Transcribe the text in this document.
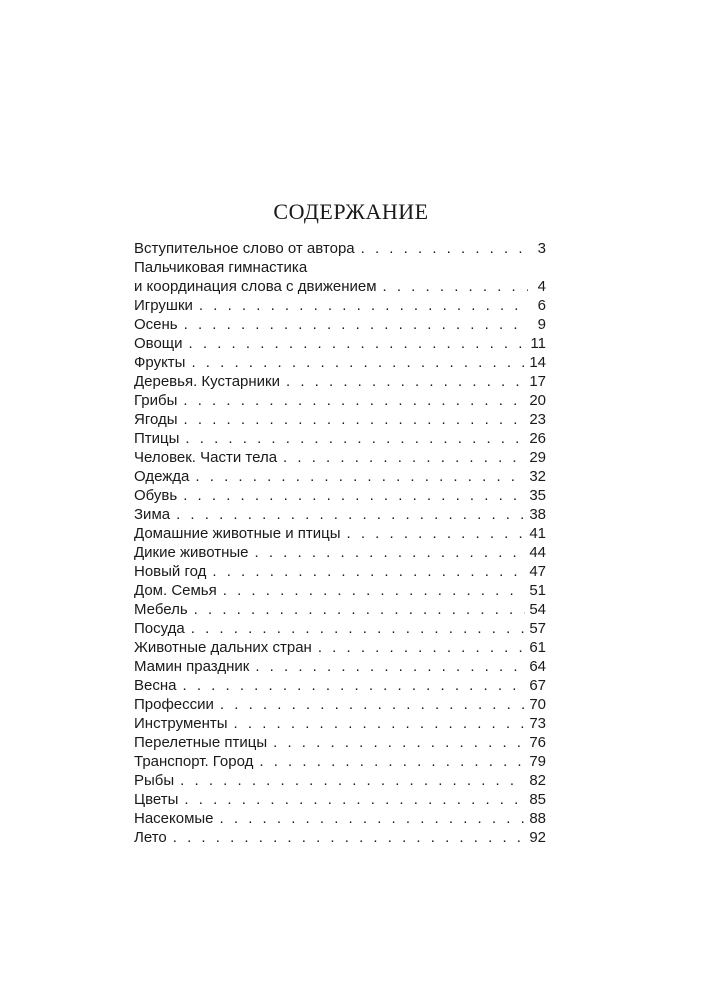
СОДЕРЖАНИЕ
Вступительное слово от автора . . .	3
Пальчиковая гимнастика
и координация слова с движением . . .	4
Игрушки . . .	6
Осень . . .	9
Овощи . . .	11
Фрукты . . .	14
Деревья. Кустарники . . .	17
Грибы . . .	20
Ягоды . . .	23
Птицы . . .	26
Человек. Части тела . . .	29
Одежда . . .	32
Обувь . . .	35
Зима . . .	38
Домашние животные и птицы . . .	41
Дикие животные . . .	44
Новый год . . .	47
Дом. Семья . . .	51
Мебель . . .	54
Посуда . . .	57
Животные дальних стран . . .	61
Мамин праздник . . .	64
Весна . . .	67
Профессии . . .	70
Инструменты . . .	73
Перелетные птицы . . .	76
Транспорт. Город . . .	79
Рыбы . . .	82
Цветы . . .	85
Насекомые . . .	88
Лето . . .	92
